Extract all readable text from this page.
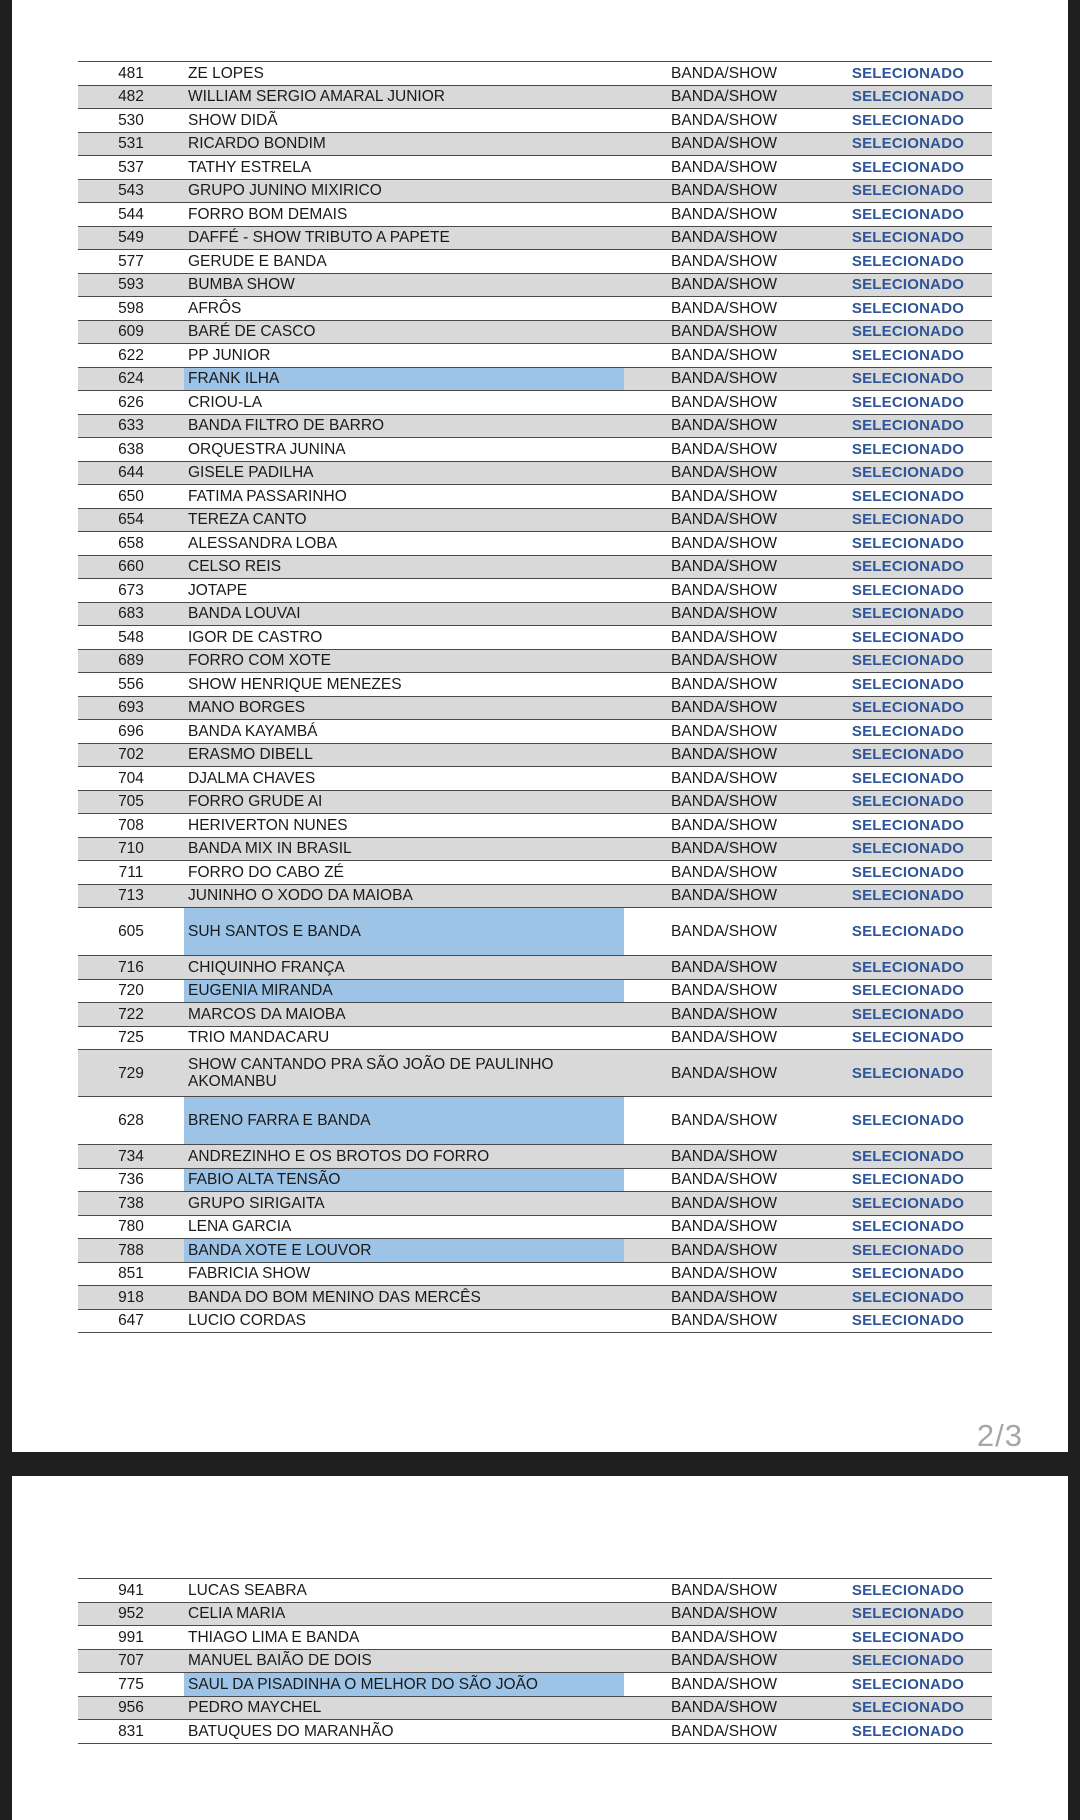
481	ZE LOPES	BANDA/SHOW	SELECIONADO
482	WILLIAM SERGIO AMARAL JUNIOR	BANDA/SHOW	SELECIONADO
530	SHOW DIDÃ	BANDA/SHOW	SELECIONADO
531	RICARDO BONDIM	BANDA/SHOW	SELECIONADO
537	TATHY ESTRELA	BANDA/SHOW	SELECIONADO
543	GRUPO JUNINO MIXIRICO	BANDA/SHOW	SELECIONADO
544	FORRO BOM DEMAIS	BANDA/SHOW	SELECIONADO
549	DAFFÉ - SHOW TRIBUTO A PAPETE	BANDA/SHOW	SELECIONADO
577	GERUDE E BANDA	BANDA/SHOW	SELECIONADO
593	BUMBA SHOW	BANDA/SHOW	SELECIONADO
598	AFRÔS	BANDA/SHOW	SELECIONADO
609	BARÉ DE CASCO	BANDA/SHOW	SELECIONADO
622	PP JUNIOR	BANDA/SHOW	SELECIONADO
624	FRANK ILHA	BANDA/SHOW	SELECIONADO
626	CRIOU-LA	BANDA/SHOW	SELECIONADO
633	BANDA FILTRO DE BARRO	BANDA/SHOW	SELECIONADO
638	ORQUESTRA JUNINA	BANDA/SHOW	SELECIONADO
644	GISELE PADILHA	BANDA/SHOW	SELECIONADO
650	FATIMA PASSARINHO	BANDA/SHOW	SELECIONADO
654	TEREZA CANTO	BANDA/SHOW	SELECIONADO
658	ALESSANDRA LOBA	BANDA/SHOW	SELECIONADO
660	CELSO REIS	BANDA/SHOW	SELECIONADO
673	JOTAPE	BANDA/SHOW	SELECIONADO
683	BANDA LOUVAI	BANDA/SHOW	SELECIONADO
548	IGOR DE CASTRO	BANDA/SHOW	SELECIONADO
689	FORRO COM XOTE	BANDA/SHOW	SELECIONADO
556	SHOW HENRIQUE MENEZES	BANDA/SHOW	SELECIONADO
693	MANO BORGES	BANDA/SHOW	SELECIONADO
696	BANDA KAYAMBÁ	BANDA/SHOW	SELECIONADO
702	ERASMO DIBELL	BANDA/SHOW	SELECIONADO
704	DJALMA CHAVES	BANDA/SHOW	SELECIONADO
705	FORRO GRUDE AI	BANDA/SHOW	SELECIONADO
708	HERIVERTON NUNES	BANDA/SHOW	SELECIONADO
710	BANDA MIX IN BRASIL	BANDA/SHOW	SELECIONADO
711	FORRO DO CABO ZÉ	BANDA/SHOW	SELECIONADO
713	JUNINHO O XODO DA MAIOBA	BANDA/SHOW	SELECIONADO
605	SUH SANTOS E BANDA	BANDA/SHOW	SELECIONADO
716	CHIQUINHO FRANÇA	BANDA/SHOW	SELECIONADO
720	EUGENIA MIRANDA	BANDA/SHOW	SELECIONADO
722	MARCOS DA MAIOBA	BANDA/SHOW	SELECIONADO
725	TRIO MANDACARU	BANDA/SHOW	SELECIONADO
729	SHOW CANTANDO PRA SÃO JOÃO DE PAULINHO AKOMANBU	BANDA/SHOW	SELECIONADO
628	BRENO FARRA E BANDA	BANDA/SHOW	SELECIONADO
734	ANDREZINHO E OS BROTOS DO FORRO	BANDA/SHOW	SELECIONADO
736	FABIO ALTA TENSÃO	BANDA/SHOW	SELECIONADO
738	GRUPO SIRIGAITA	BANDA/SHOW	SELECIONADO
780	LENA GARCIA	BANDA/SHOW	SELECIONADO
788	BANDA XOTE E LOUVOR	BANDA/SHOW	SELECIONADO
851	FABRICIA SHOW	BANDA/SHOW	SELECIONADO
918	BANDA DO BOM MENINO DAS MERCÊS	BANDA/SHOW	SELECIONADO
647	LUCIO CORDAS	BANDA/SHOW	SELECIONADO
2/3
941	LUCAS SEABRA	BANDA/SHOW	SELECIONADO
952	CELIA MARIA	BANDA/SHOW	SELECIONADO
991	THIAGO LIMA E BANDA	BANDA/SHOW	SELECIONADO
707	MANUEL BAIÃO DE DOIS	BANDA/SHOW	SELECIONADO
775	SAUL DA PISADINHA O MELHOR DO SÃO JOÃO	BANDA/SHOW	SELECIONADO
956	PEDRO MAYCHEL	BANDA/SHOW	SELECIONADO
831	BATUQUES DO MARANHÃO	BANDA/SHOW	SELECIONADO
